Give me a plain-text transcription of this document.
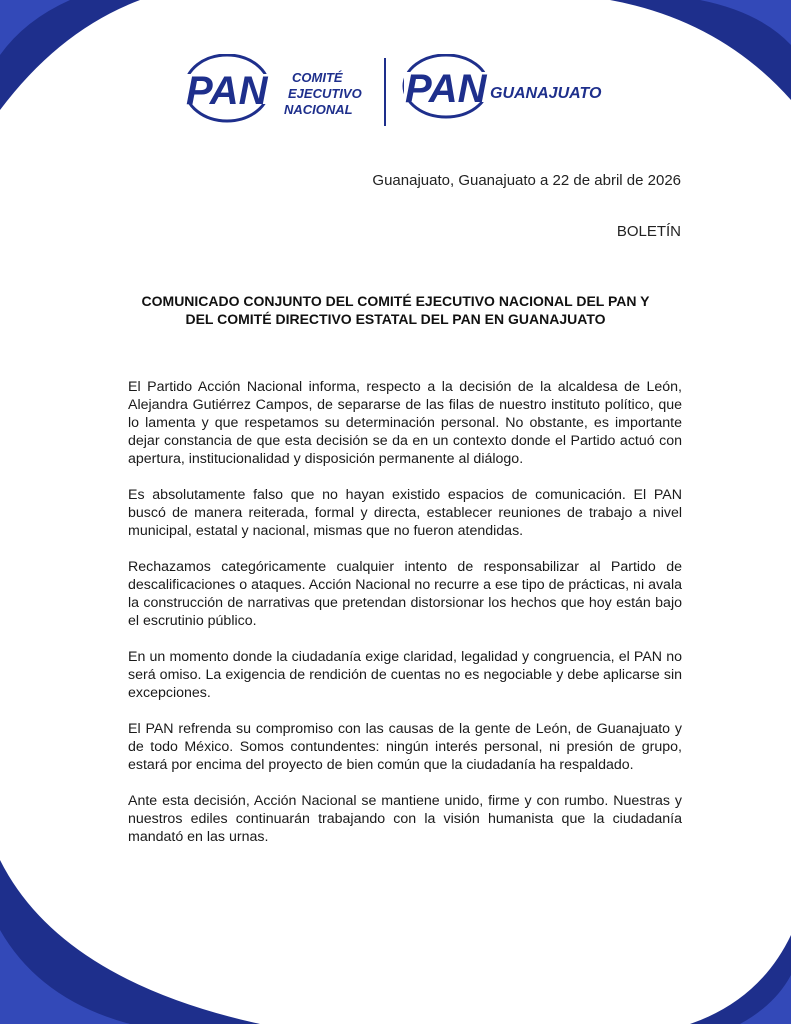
PAN COMITÉ
EJECUTIVO
NACIONAL PAN GUANAJUATO
Guanajuato, Guanajuato a 22 de abril de 2026
BOLETÍN
COMUNICADO CONJUNTO DEL COMITÉ EJECUTIVO NACIONAL DEL PAN Y
DEL COMITÉ DIRECTIVO ESTATAL DEL PAN EN GUANAJUATO

El Partido Acción Nacional informa, respecto a la decisión de la alcaldesa de León, Alejandra Gutiérrez Campos, de separarse de las filas de nuestro instituto político, que lo lamenta y que respetamos su determinación personal. No obstante, es importante dejar constancia de que esta decisión se da en un contexto donde el Partido actuó con apertura, institucionalidad y disposición permanente al diálogo.

Es absolutamente falso que no hayan existido espacios de comunicación. El PAN buscó de manera reiterada, formal y directa, establecer reuniones de trabajo a nivel municipal, estatal y nacional, mismas que no fueron atendidas.

Rechazamos categóricamente cualquier intento de responsabilizar al Partido de descalificaciones o ataques. Acción Nacional no recurre a ese tipo de prácticas, ni avala la construcción de narrativas que pretendan distorsionar los hechos que hoy están bajo el escrutinio público.

En un momento donde la ciudadanía exige claridad, legalidad y congruencia, el PAN no será omiso. La exigencia de rendición de cuentas no es negociable y debe aplicarse sin excepciones.

El PAN refrenda su compromiso con las causas de la gente de León, de Guanajuato y de todo México. Somos contundentes: ningún interés personal, ni presión de grupo, estará por encima del proyecto de bien común que la ciudadanía ha respaldado.

Ante esta decisión, Acción Nacional se mantiene unido, firme y con rumbo. Nuestras y nuestros ediles continuarán trabajando con la visión humanista que la ciudadanía mandató en las urnas.
